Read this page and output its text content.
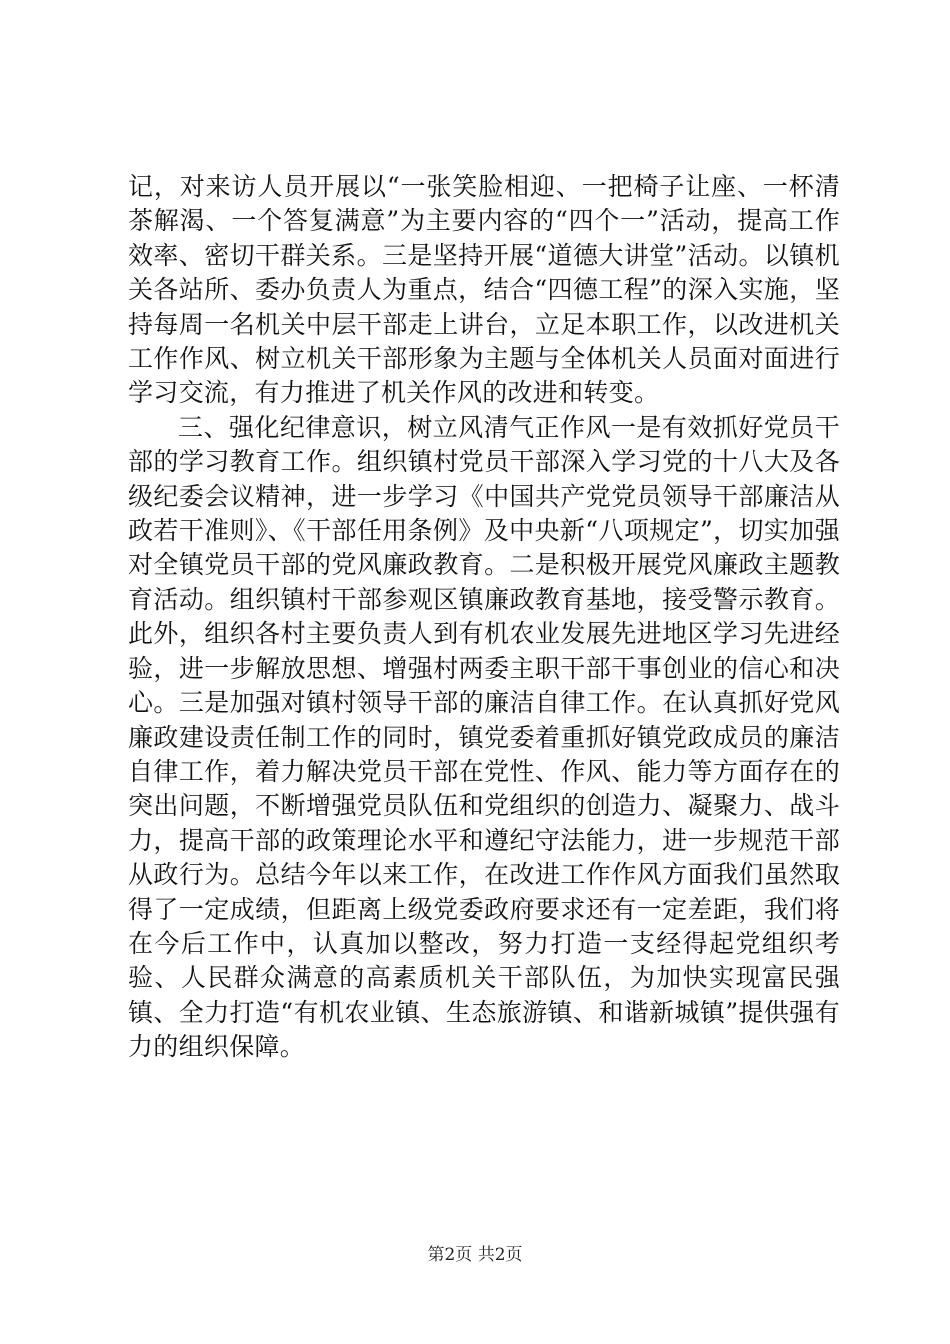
记，对来访人员开展以“一张笑脸相迎、一把椅子让座、一杯清茶解渴、一个答复满意”为主要内容的“四个一”活动，提高工作效率、密切干群关系。三是坚持开展“道德大讲堂”活动。以镇机关各站所、委办负责人为重点，结合“四德工程”的深入实施，坚持每周一名机关中层干部走上讲台，立足本职工作，以改进机关工作作风、树立机关干部形象为主题与全体机关人员面对面进行学习交流，有力推进了机关作风的改进和转变。

三、强化纪律意识，树立风清气正作风一是有效抓好党员干部的学习教育工作。组织镇村党员干部深入学习党的十八大及各级纪委会议精神，进一步学习《中国共产党党员领导干部廉洁从政若干准则》、《干部任用条例》及中央新“八项规定”，切实加强对全镇党员干部的党风廉政教育。二是积极开展党风廉政主题教育活动。组织镇村干部参观区镇廉政教育基地，接受警示教育。此外，组织各村主要负责人到有机农业发展先进地区学习先进经验，进一步解放思想、增强村两委主职干部干事创业的信心和决心。三是加强对镇村领导干部的廉洁自律工作。在认真抓好党风廉政建设责任制工作的同时，镇党委着重抓好镇党政成员的廉洁自律工作，着力解决党员干部在党性、作风、能力等方面存在的突出问题，不断增强党员队伍和党组织的创造力、凝聚力、战斗力，提高干部的政策理论水平和遵纪守法能力，进一步规范干部从政行为。总结今年以来工作，在改进工作作风方面我们虽然取得了一定成绩，但距离上级党委政府要求还有一定差距，我们将在今后工作中，认真加以整改，努力打造一支经得起党组织考验、人民群众满意的高素质机关干部队伍，为加快实现富民强镇、全力打造“有机农业镇、生态旅游镇、和谐新城镇”提供强有力的组织保障。

第2页 共2页
